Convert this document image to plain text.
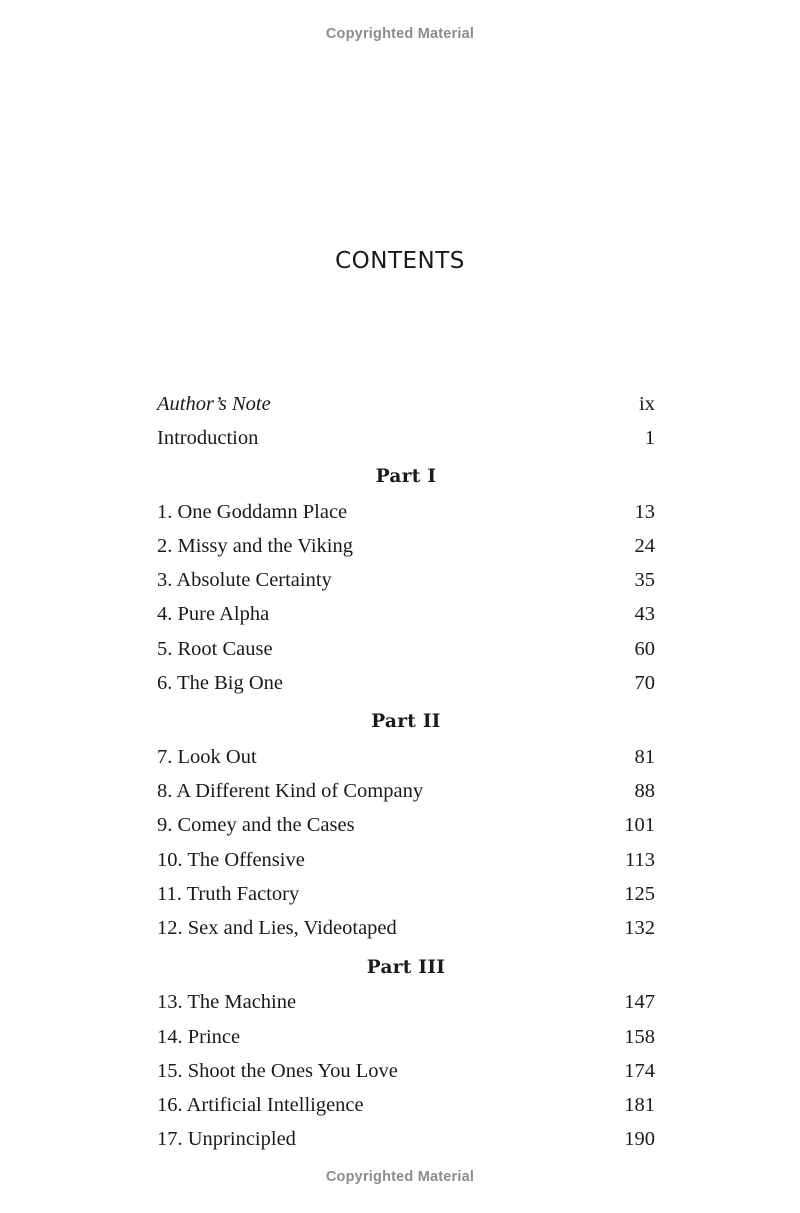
Copyrighted Material
CONTENTS
Author’s Note	ix
Introduction	1
Part I
1. One Goddamn Place	13
2. Missy and the Viking	24
3. Absolute Certainty	35
4. Pure Alpha	43
5. Root Cause	60
6. The Big One	70
Part II
7. Look Out	81
8. A Different Kind of Company	88
9. Comey and the Cases	101
10. The Offensive	113
11. Truth Factory	125
12. Sex and Lies, Videotaped	132
Part III
13. The Machine	147
14. Prince	158
15. Shoot the Ones You Love	174
16. Artificial Intelligence	181
17. Unprincipled	190
Copyrighted Material
